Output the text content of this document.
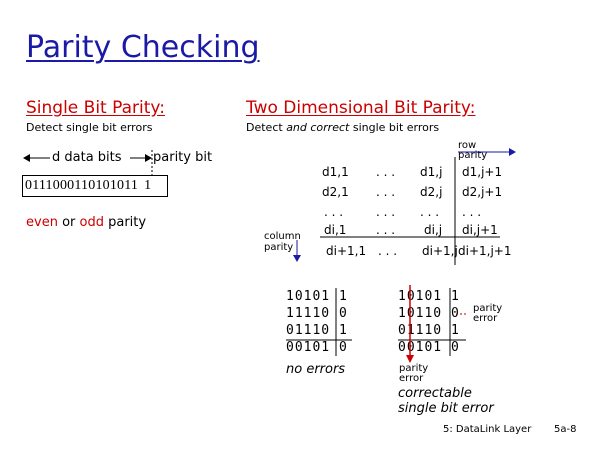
Parity Checking
Single Bit Parity:
Detect single bit errors
d data bits parity bit
0111000110101011 1
even or odd parity
Two Dimensional Bit Parity:
Detect and correct single bit errors
row parity
column
parity
d1,1 . . . d1,j d1,j+1
d2,1 . . . d2,j d2,j+1
. . .	. . . . . . . . .
di,1 . . . di,j di,j+1
di+1,1 . . . di+1,j di+1,j+1
10101 1
11110 0
01110 1
00101 0
no errors
10101 1
10110 0
01110 1
00101 0
parity
error
parity
error
correctable
single bit error
5: DataLink Layer 5a-8
